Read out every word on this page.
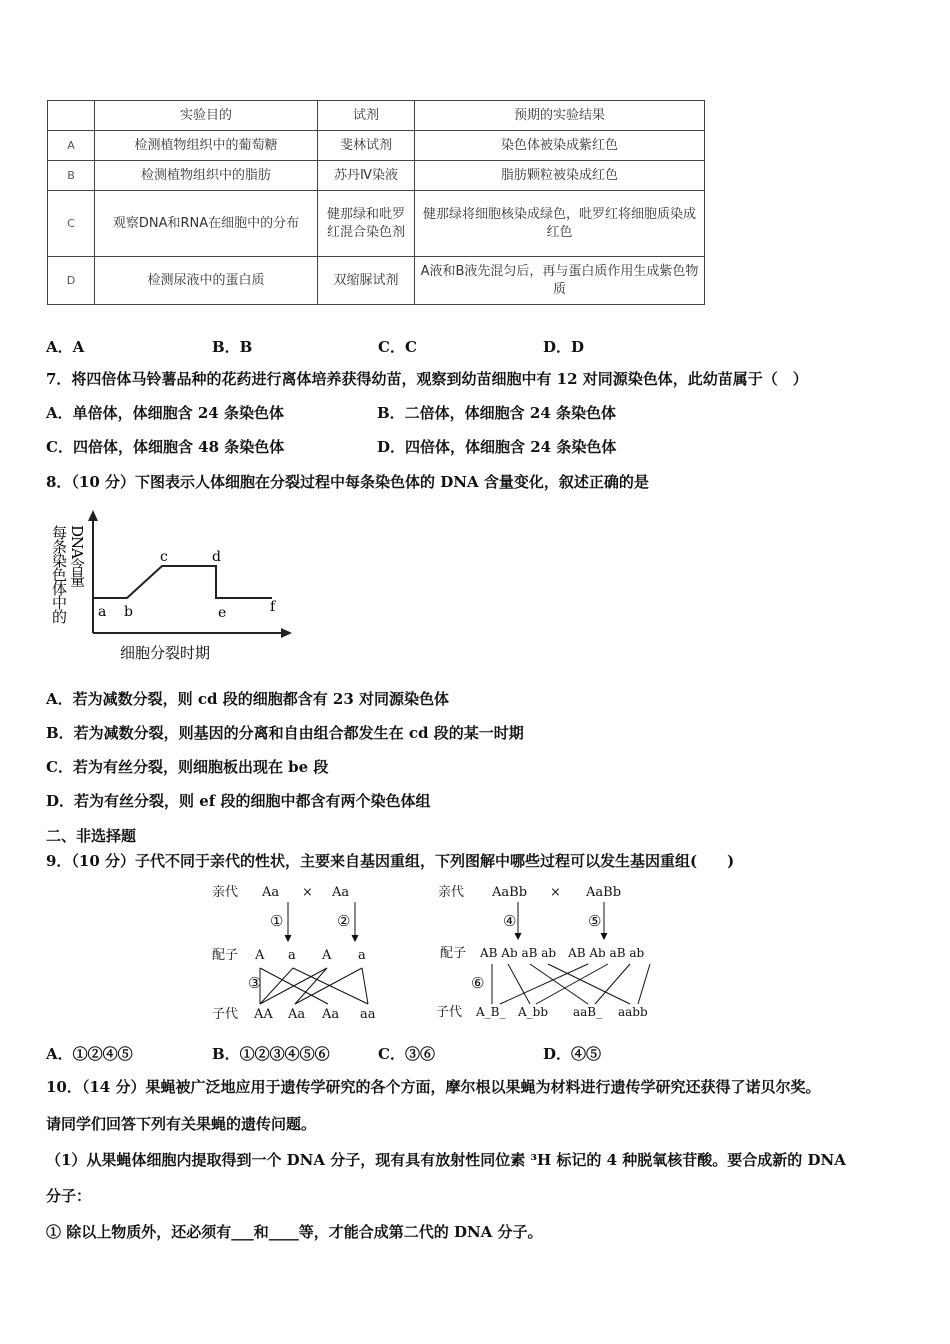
	实验目的	试剂	预期的实验结果
A	检测植物组织中的葡萄糖	斐林试剂	染色体被染成紫红色
B	检测植物组织中的脂肪	苏丹Ⅳ染液	脂肪颗粒被染成红色
C	观察DNA和RNA在细胞中的分布	健那绿和吡罗红混合染色剂	健那绿将细胞核染成绿色，吡罗红将细胞质染成红色
D	检测尿液中的蛋白质	双缩脲试剂	A液和B液先混匀后，再与蛋白质作用生成紫色物质
A．A	B．B	C．C	D．D
7．将四倍体马铃薯品种的花药进行离体培养获得幼苗，观察到幼苗细胞中有 12 对同源染色体，此幼苗属于（　）
A．单倍体，体细胞含 24 条染色体	B．二倍体，体细胞含 24 条染色体
C．四倍体，体细胞含 48 条染色体	D．四倍体，体细胞含 24 条染色体
8．（10 分）下图表示人体细胞在分裂过程中每条染色体的 DNA 含量变化，叙述正确的是
每条染色体中的 DNA含量
a b
c	d
e	f
细胞分裂时期
A．若为减数分裂，则 cd 段的细胞都含有 23 对同源染色体
B．若为减数分裂，则基因的分离和自由组合都发生在 cd 段的某一时期
C．若为有丝分裂，则细胞板出现在 be 段
D．若为有丝分裂，则 ef 段的细胞中都含有两个染色体组
二、非选择题
9．（10 分）子代不同于亲代的性状，主要来自基因重组，下列图解中哪些过程可以发生基因重组(　　)
亲代 Aa × Aa
①	②
配子 A a A a
③
子代 AA Aa Aa aa
亲代 AaBb × AaBb
④	⑤
配子 AB Ab aB ab　AB Ab aB ab
⑥
子代 A_B_ A_bb aaB_ aabb
A．①②④⑤	B．①②③④⑤⑥	C．③⑥	D．④⑤
10．（14 分）果蝇被广泛地应用于遗传学研究的各个方面，摩尔根以果蝇为材料进行遗传学研究还获得了诺贝尔奖。
请同学们回答下列有关果蝇的遗传问题。
（1）从果蝇体细胞内提取得到一个 DNA 分子，现有具有放射性同位素 ³H 标记的 4 种脱氧核苷酸。要合成新的 DNA
分子：
① 除以上物质外，还必须有___和____等，才能合成第二代的 DNA 分子。
